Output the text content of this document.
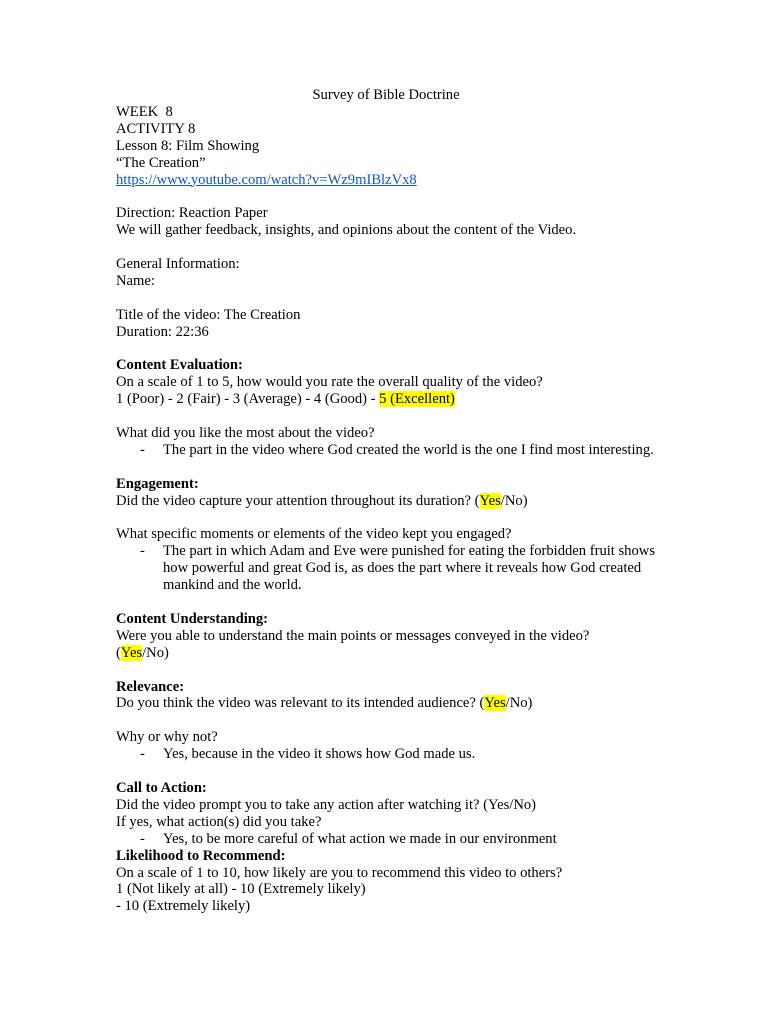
Survey of Bible Doctrine
WEEK  8
ACTIVITY 8
Lesson 8: Film Showing
“The Creation”
https://www.youtube.com/watch?v=Wz9mIBlzVx8
Direction: Reaction Paper
We will gather feedback, insights, and opinions about the content of the Video.
General Information:
Name:
Title of the video: The Creation
Duration: 22:36
Content Evaluation:
On a scale of 1 to 5, how would you rate the overall quality of the video?
1 (Poor) - 2 (Fair) - 3 (Average) - 4 (Good) - 5 (Excellent)
What did you like the most about the video?
- The part in the video where God created the world is the one I find most interesting.
Engagement:
Did the video capture your attention throughout its duration? (Yes/No)
What specific moments or elements of the video kept you engaged?
- The part in which Adam and Eve were punished for eating the forbidden fruit shows how powerful and great God is, as does the part where it reveals how God created mankind and the world.
Content Understanding:
Were you able to understand the main points or messages conveyed in the video?
(Yes/No)
Relevance:
Do you think the video was relevant to its intended audience? (Yes/No)
Why or why not?
- Yes, because in the video it shows how God made us.
Call to Action:
Did the video prompt you to take any action after watching it? (Yes/No)
If yes, what action(s) did you take?
- Yes, to be more careful of what action we made in our environment
Likelihood to Recommend:
On a scale of 1 to 10, how likely are you to recommend this video to others?
1 (Not likely at all) - 10 (Extremely likely)
- 10 (Extremely likely)
